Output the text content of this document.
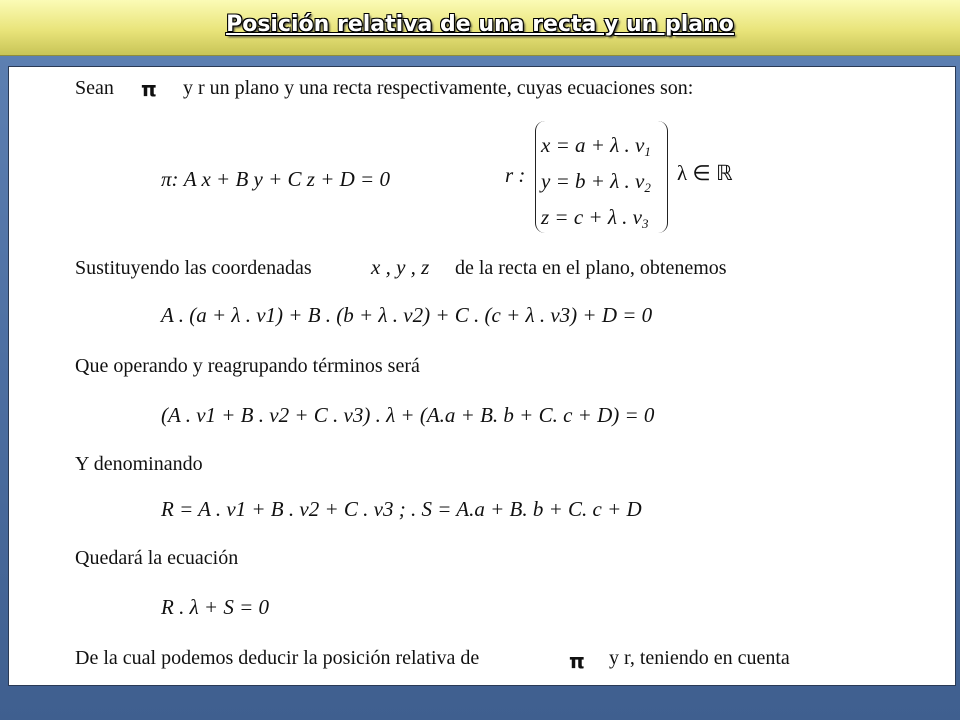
Posición relativa de una recta y un plano
Sean π y r un plano y una recta respectivamente, cuyas ecuaciones son:
π: A x + B y + C z + D = 0	r :
x = a + λ . $v_1$
y = b + λ . $v_2$
z = c + λ . $v_3$
λ ∈ ℝ
Sustituyendo las coordenadas	x , y , z de la recta en el plano, obtenemos
A . (a + λ . v1) + B . (b + λ . v2) + C . (c + λ . v3) + D = 0
Que operando y reagrupando términos será
(A . v1 + B . v2 + C . v3) . λ + (A.a + B. b + C. c + D) = 0
Y denominando
R = A . v1 + B . v2 + C . v3 ; . S = A.a + B. b + C. c + D
Quedará la ecuación
R . λ + S = 0
De la cual podemos deducir la posición relativa de	π y r, teniendo en cuenta
